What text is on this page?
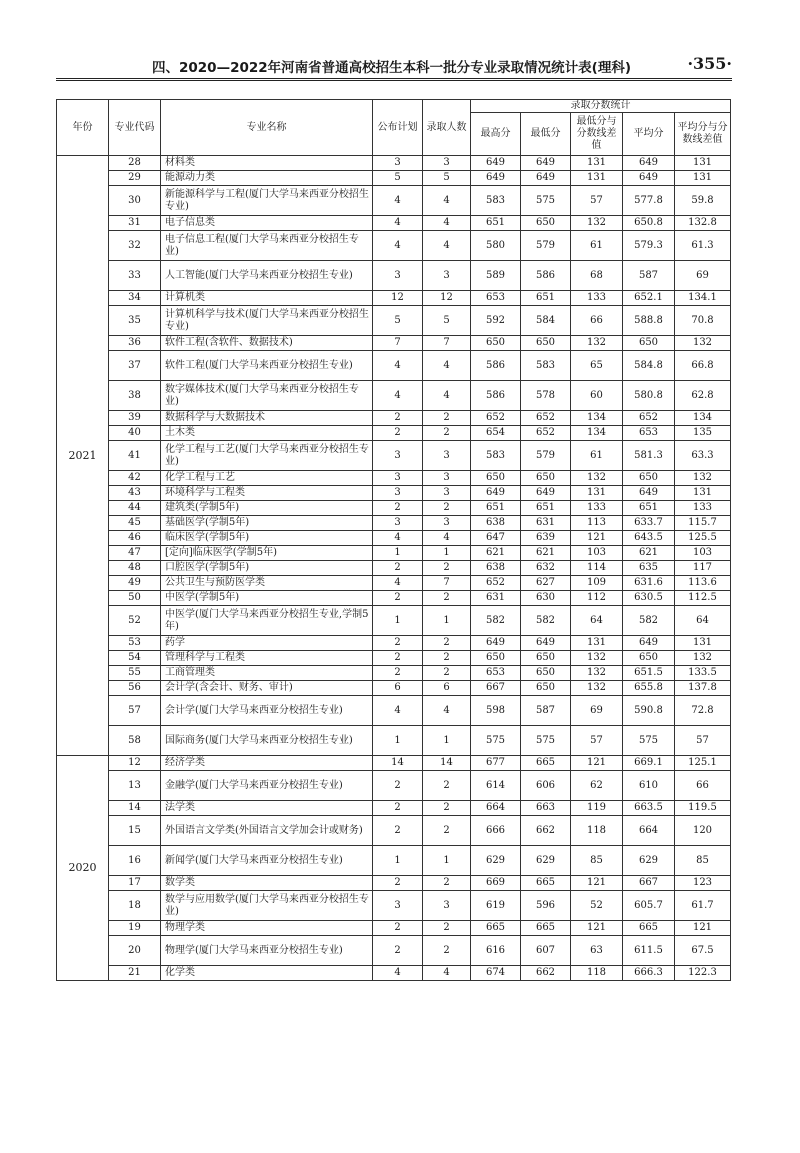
四、2020—2022年河南省普通高校招生本科一批分专业录取情况统计表(理科)	·355·
年份	专业代码	专业名称	公布计划	录取人数	录取分数统计				
					最高分	最低分	最低分与分数线差值	平均分	平均分与分数线差值
2021	28	材料类	3	3	649	649	131	649	131
	29	能源动力类	5	5	649	649	131	649	131
	30	新能源科学与工程(厦门大学马来西亚分校招生专业)	4	4	583	575	57	577.8	59.8
	31	电子信息类	4	4	651	650	132	650.8	132.8
	32	电子信息工程(厦门大学马来西亚分校招生专业)	4	4	580	579	61	579.3	61.3
	33	人工智能(厦门大学马来西亚分校招生专业)	3	3	589	586	68	587	69
	34	计算机类	12	12	653	651	133	652.1	134.1
	35	计算机科学与技术(厦门大学马来西亚分校招生专业)	5	5	592	584	66	588.8	70.8
	36	软件工程(含软件、数据技术)	7	7	650	650	132	650	132
	37	软件工程(厦门大学马来西亚分校招生专业)	4	4	586	583	65	584.8	66.8
	38	数字媒体技术(厦门大学马来西亚分校招生专业)	4	4	586	578	60	580.8	62.8
	39	数据科学与大数据技术	2	2	652	652	134	652	134
	40	土木类	2	2	654	652	134	653	135
	41	化学工程与工艺(厦门大学马来西亚分校招生专业)	3	3	583	579	61	581.3	63.3
	42	化学工程与工艺	3	3	650	650	132	650	132
	43	环境科学与工程类	3	3	649	649	131	649	131
	44	建筑类(学制5年)	2	2	651	651	133	651	133
	45	基础医学(学制5年)	3	3	638	631	113	633.7	115.7
	46	临床医学(学制5年)	4	4	647	639	121	643.5	125.5
	47	[定向]临床医学(学制5年)	1	1	621	621	103	621	103
	48	口腔医学(学制5年)	2	2	638	632	114	635	117
	49	公共卫生与预防医学类	4	7	652	627	109	631.6	113.6
	50	中医学(学制5年)	2	2	631	630	112	630.5	112.5
	52	中医学(厦门大学马来西亚分校招生专业,学制5年)	1	1	582	582	64	582	64
	53	药学	2	2	649	649	131	649	131
	54	管理科学与工程类	2	2	650	650	132	650	132
	55	工商管理类	2	2	653	650	132	651.5	133.5
	56	会计学(含会计、财务、审计)	6	6	667	650	132	655.8	137.8
	57	会计学(厦门大学马来西亚分校招生专业)	4	4	598	587	69	590.8	72.8
	58	国际商务(厦门大学马来西亚分校招生专业)	1	1	575	575	57	575	57
2020	12	经济学类	14	14	677	665	121	669.1	125.1
	13	金融学(厦门大学马来西亚分校招生专业)	2	2	614	606	62	610	66
	14	法学类	2	2	664	663	119	663.5	119.5
	15	外国语言文学类(外国语言文学加会计或财务)	2	2	666	662	118	664	120
	16	新闻学(厦门大学马来西亚分校招生专业)	1	1	629	629	85	629	85
	17	数学类	2	2	669	665	121	667	123
	18	数学与应用数学(厦门大学马来西亚分校招生专业)	3	3	619	596	52	605.7	61.7
	19	物理学类	2	2	665	665	121	665	121
	20	物理学(厦门大学马来西亚分校招生专业)	2	2	616	607	63	611.5	67.5
	21	化学类	4	4	674	662	118	666.3	122.3
